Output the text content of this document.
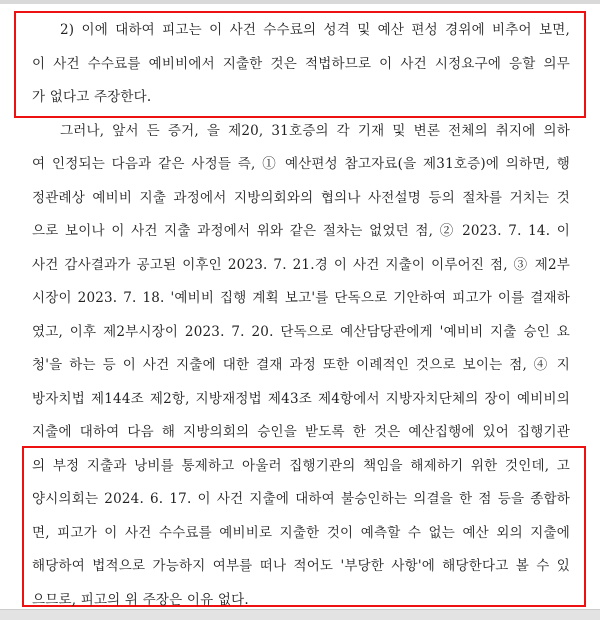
2) 이에 대하여 피고는 이 사건 수수료의 성격 및 예산 편성 경위에 비추어 보면,
이 사건 수수료를 예비비에서 지출한 것은 적법하므로 이 사건 시정요구에 응할 의무
가 없다고 주장한다.
그러나, 앞서 든 증거, 을 제20, 31호증의 각 기재 및 변론 전체의 취지에 의하
여 인정되는 다음과 같은 사정들 즉, ① 예산편성 참고자료(을 제31호증)에 의하면, 행
정관례상 예비비 지출 과정에서 지방의회와의 협의나 사전설명 등의 절차를 거치는 것
으로 보이나 이 사건 지출 과정에서 위와 같은 절차는 없었던 점, ② 2023. 7. 14. 이
사건 감사결과가 공고된 이후인 2023. 7. 21.경 이 사건 지출이 이루어진 점, ③ 제2부
시장이 2023. 7. 18. '예비비 집행 계획 보고'를 단독으로 기안하여 피고가 이를 결재하
였고, 이후 제2부시장이 2023. 7. 20. 단독으로 예산담당관에게 '예비비 지출 승인 요
청'을 하는 등 이 사건 지출에 대한 결재 과정 또한 이례적인 것으로 보이는 점, ④ 지
방자치법 제144조 제2항, 지방재정법 제43조 제4항에서 지방자치단체의 장이 예비비의
지출에 대하여 다음 해 지방의회의 승인을 받도록 한 것은 예산집행에 있어 집행기관
의 부정 지출과 낭비를 통제하고 아울러 집행기관의 책임을 해제하기 위한 것인데, 고
양시의회는 2024. 6. 17. 이 사건 지출에 대하여 불승인하는 의결을 한 점 등을 종합하
면, 피고가 이 사건 수수료를 예비비로 지출한 것이 예측할 수 없는 예산 외의 지출에
해당하여 법적으로 가능하지 여부를 떠나 적어도 '부당한 사항'에 해당한다고 볼 수 있
으므로, 피고의 위 주장은 이유 없다.
